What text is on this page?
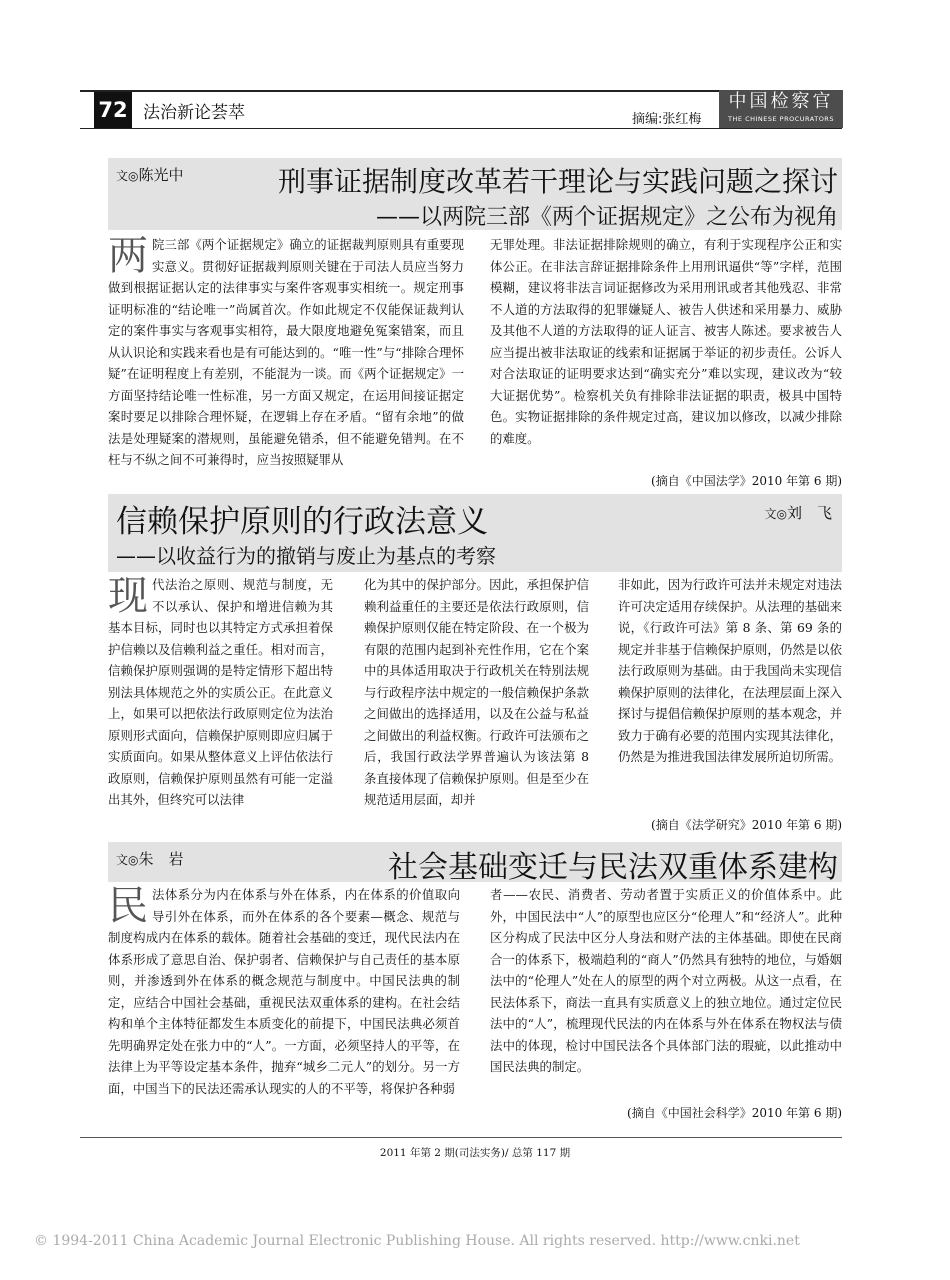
72 法治新论荟萃	摘编:张红梅
中国检察官
THE CHINESE PROCURATORS
文◎陈光中	刑事证据制度改革若干理论与实践问题之探讨
——以两院三部《两个证据规定》之公布为视角
两院三部《两个证据规定》确立的证据裁判原则具有重要现实意义。贯彻好证据裁判原则关键在于司法人员应当努力做到根据证据认定的法律事实与案件客观事实相统一。规定刑事证明标准的“结论唯一”尚属首次。作如此规定不仅能保证裁判认定的案件事实与客观事实相符，最大限度地避免冤案错案，而且从认识论和实践来看也是有可能达到的。“唯一性”与“排除合理怀疑”在证明程度上有差别，不能混为一谈。而《两个证据规定》一方面坚持结论唯一性标准，另一方面又规定，在运用间接证据定案时要足以排除合理怀疑，在逻辑上存在矛盾。“留有余地”的做法是处理疑案的潜规则，虽能避免错杀，但不能避免错判。在不枉与不纵之间不可兼得时，应当按照疑罪从
无罪处理。非法证据排除规则的确立，有利于实现程序公正和实体公正。在非法言辞证据排除条件上用刑讯逼供“等”字样，范围模糊，建议将非法言词证据修改为采用刑讯或者其他残忍、非常不人道的方法取得的犯罪嫌疑人、被告人供述和采用暴力、威胁及其他不人道的方法取得的证人证言、被害人陈述。要求被告人应当提出被非法取证的线索和证据属于举证的初步责任。公诉人对合法取证的证明要求达到“确实充分”难以实现，建议改为“较大证据优势”。检察机关负有排除非法证据的职责，极具中国特色。实物证据排除的条件规定过高，建议加以修改，以减少排除的难度。
(摘自《中国法学》2010 年第 6 期)
信赖保护原则的行政法意义	文◎刘　飞
——以收益行为的撤销与废止为基点的考察
现代法治之原则、规范与制度，无不以承认、保护和增进信赖为其基本目标，同时也以其特定方式承担着保护信赖以及信赖利益之重任。相对而言，信赖保护原则强调的是特定情形下超出特别法具体规范之外的实质公正。在此意义上，如果可以把依法行政原则定位为法治原则形式面向，信赖保护原则即应归属于实质面向。如果从整体意义上评估依法行政原则，信赖保护原则虽然有可能一定溢出其外，但终究可以法律
化为其中的保护部分。因此，承担保护信赖利益重任的主要还是依法行政原则，信赖保护原则仅能在特定阶段、在一个极为有限的范围内起到补充性作用，它在个案中的具体适用取决于行政机关在特别法规与行政程序法中规定的一般信赖保护条款之间做出的选择适用，以及在公益与私益之间做出的利益权衡。行政许可法颁布之后，我国行政法学界普遍认为该法第 8 条直接体现了信赖保护原则。但是至少在规范适用层面，却并
非如此，因为行政许可法并未规定对违法许可决定适用存续保护。从法理的基础来说，《行政许可法》第 8 条、第 69 条的规定并非基于信赖保护原则，仍然是以依法行政原则为基础。由于我国尚未实现信赖保护原则的法律化，在法理层面上深入探讨与提倡信赖保护原则的基本观念，并致力于确有必要的范围内实现其法律化，仍然是为推进我国法律发展所迫切所需。
(摘自《法学研究》2010 年第 6 期)
文◎朱　岩	社会基础变迁与民法双重体系建构
民法体系分为内在体系与外在体系，内在体系的价值取向导引外在体系，而外在体系的各个要素—概念、规范与制度构成内在体系的载体。随着社会基础的变迁，现代民法内在体系形成了意思自治、保护弱者、信赖保护与自己责任的基本原则，并渗透到外在体系的概念规范与制度中。中国民法典的制定，应结合中国社会基础，重视民法双重体系的建构。在社会结构和单个主体特征都发生本质变化的前提下，中国民法典必须首先明确界定处在张力中的“人”。一方面，必须坚持人的平等，在法律上为平等设定基本条件，抛弃“城乡二元人”的划分。另一方面，中国当下的民法还需承认现实的人的不平等，将保护各种弱
者——农民、消费者、劳动者置于实质正义的价值体系中。此外，中国民法中“人”的原型也应区分“伦理人”和“经济人”。此种区分构成了民法中区分人身法和财产法的主体基础。即使在民商合一的体系下，极端趋利的“商人”仍然具有独特的地位，与婚姻法中的“伦理人”处在人的原型的两个对立两极。从这一点看，在民法体系下，商法一直具有实质意义上的独立地位。通过定位民法中的“人”，梳理现代民法的内在体系与外在体系在物权法与债法中的体现，检讨中国民法各个具体部门法的瑕疵，以此推动中国民法典的制定。
(摘自《中国社会科学》2010 年第 6 期)
2011 年第 2 期(司法实务)/ 总第 117 期
© 1994-2011 China Academic Journal Electronic Publishing House. All rights reserved. http://www.cnki.net
